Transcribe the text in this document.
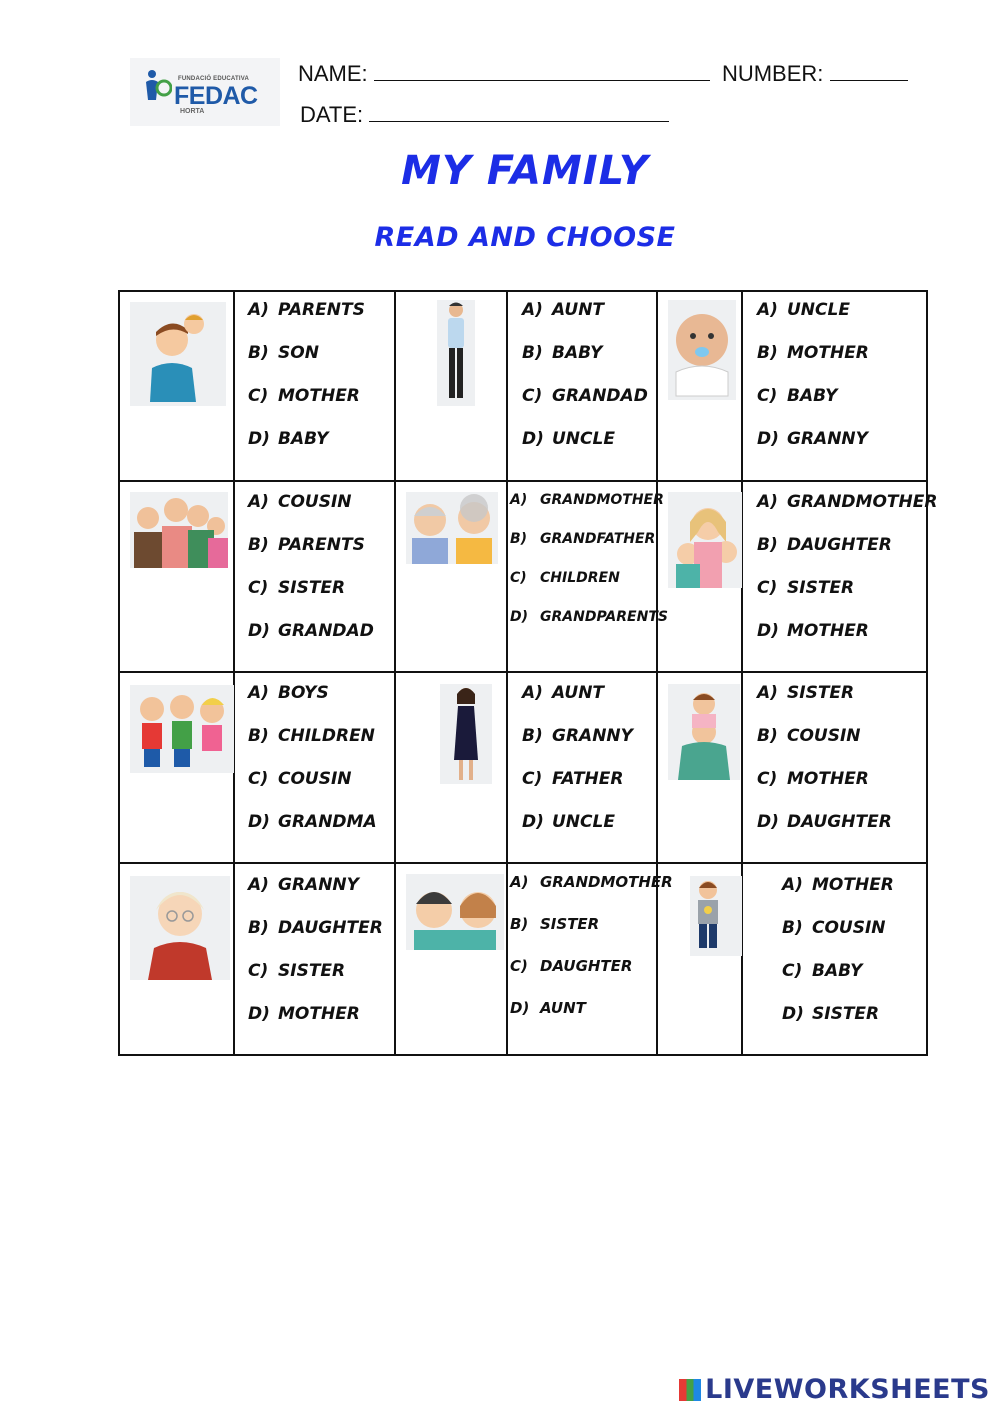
FUNDACIÓ EDUCATIVA
FEDAC
HORTA
NAME:	NUMBER:
DATE:
MY FAMILY
READ AND CHOOSE
A) PARENTS
B) SON
C) MOTHER
D) BABY
A) AUNT
B) BABY
C) GRANDAD
D) UNCLE
A) UNCLE
B) MOTHER
C) BABY
D) GRANNY
A) COUSIN
B) PARENTS
C) SISTER
D) GRANDAD
A) GRANDMOTHER
B) GRANDFATHER
C) CHILDREN
D) GRANDPARENTS
A) GRANDMOTHER
B) DAUGHTER
C) SISTER
D) MOTHER
A) BOYS
B) CHILDREN
C) COUSIN
D) GRANDMA
A) AUNT
B) GRANNY
C) FATHER
D) UNCLE
A) SISTER
B) COUSIN
C) MOTHER
D) DAUGHTER
A) GRANNY
B) DAUGHTER
C) SISTER
D) MOTHER
A) GRANDMOTHER
B) SISTER
C) DAUGHTER
D) AUNT
A) MOTHER
B) COUSIN
C) BABY
D) SISTER
LIVEWORKSHEETS
